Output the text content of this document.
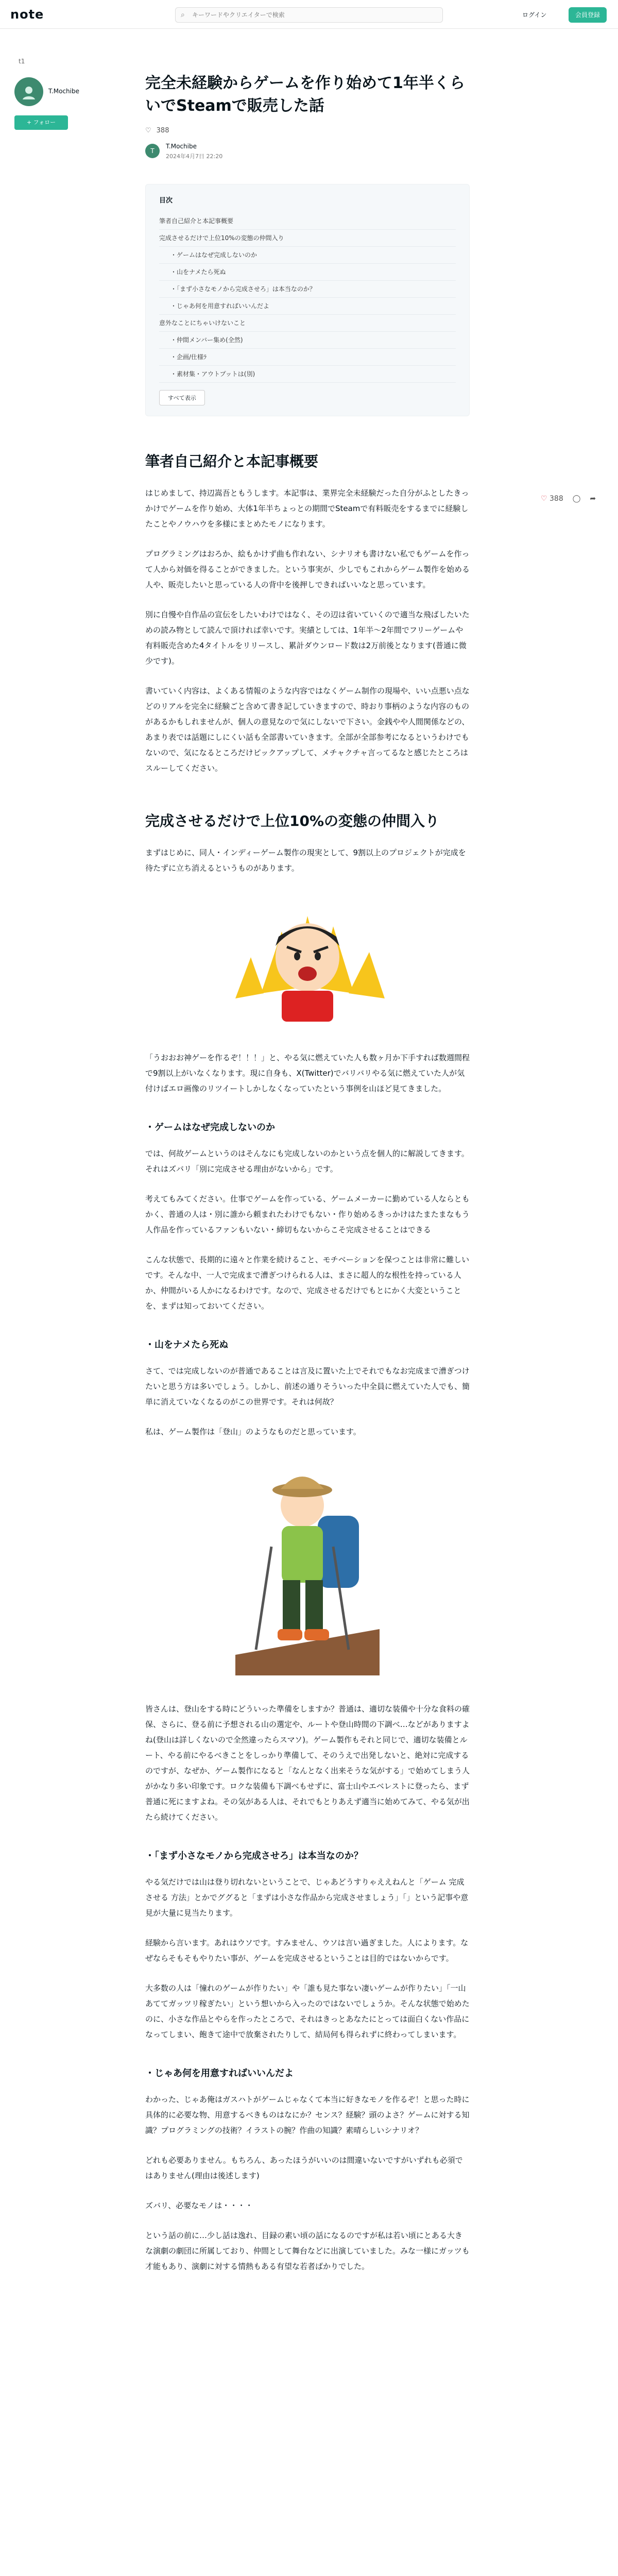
note	⌕
キーワードやクリエイターで検索	ログイン	会員登録
t1
T.Mochibe
+ フォロー
♡ 388 ◯ ➦
完全未経験からゲームを作り始めて1年半くらいでSteamで販売した話
♡ 388
T
T.Mochibe
2024年4月7日 22:20
目次
筆者自己紹介と本記事概要
完成させるだけで上位10%の変態の仲間入り
・ゲームはなぜ完成しないのか
・山をナメたら死ぬ
・「まず小さなモノから完成させろ」は本当なのか？
・じゃあ何を用意すればいいんだよ
意外なことにちゃいけないこと
・仲間メンバー集め(全然)
・企画/仕様ﾗ
・素材集・アウトプットは(別)
すべて表示
筆者自己紹介と本記事概要

はじめまして、持辺嵩吾ともうします。本記事は、業界完全未経験だった自分がふとしたきっかけでゲームを作り始め、大体1年半ちょっとの期間でSteamで有料販売をするまでに経験したことやノウハウを多様にまとめたモノになります。

プログラミングはおろか、絵もかけず曲も作れない、シナリオも書けない私でもゲームを作って人から対価を得ることができました。という事実が、少しでもこれからゲーム製作を始める人や、販売したいと思っている人の背中を後押しできればいいなと思っています。

別に自慢や自作品の宣伝をしたいわけではなく、その辺は省いていくので適当な飛ばしたいための読み物として読んで頂ければ幸いです。実績としては、1年半〜2年間でフリーゲームや有料販売含めた4タイトルをリリースし、累計ダウンロード数は2万前後となります(普通に微少です)。

書いていく内容は、よくある情報のような内容ではなくゲーム制作の現場や、いい点悪い点などのリアルを完全に経験ごと含めて書き記していきますので、時おり事柄のような内容のものがあるかもしれませんが、個人の意見なので気にしないで下さい。金銭やや人間関係などの、あまり表では話題にしにくい話も全部書いていきます。全部が全部参考になるというわけでもないので、気になるところだけピックアップして、メチャクチャ言ってるなと感じたところはスルーしてください。

完成させるだけで上位10%の変態の仲間入り

まずはじめに、同人・インディーゲーム製作の現実として、9割以上のプロジェクトが完成を待たずに立ち消えるというものがあります。

「うおおお神ゲーを作るぞ！！！」と、やる気に燃えていた人も数ヶ月か下手すれば数週間程で9割以上がいなくなります。現に自身も、X(Twitter)でバリバリやる気に燃えていた人が気付けばエロ画像のリツイートしかしなくなっていたという事例を山ほど見てきました。

・ゲームはなぜ完成しないのか

では、何故ゲームというのはそんなにも完成しないのかという点を個人的に解説してきます。それはズバリ「別に完成させる理由がないから」です。

考えてもみてください。仕事でゲームを作っている、ゲームメーカーに勤めている人ならともかく、普通の人は・別に誰から頼まれたわけでもない・作り始めるきっかけはたまたまなもう人作品を作っているファンもいない・締切もないからこそ完成させることはできる

こんな状態で、長期的に遠々と作業を続けること、モチベーションを保つことは非常に難しいです。そんな中、一人で完成まで漕ぎつけられる人は、まさに超人的な根性を持っている人か、仲間がいる人かになるわけです。なので、完成させるだけでもとにかく大変ということを、まずは知っておいてください。

・山をナメたら死ぬ

さて、では完成しないのが普通であることは言及に置いた上でそれでもなお完成まで漕ぎつけたいと思う方は多いでしょう。しかし、前述の通りそういった中全員に燃えていた人でも、簡単に消えていなくなるのがこの世界です。それは何故？

私は、ゲーム製作は「登山」のようなものだと思っています。

皆さんは、登山をする時にどういった準備をしますか？普通は、適切な装備や十分な食料の確保、さらに、登る前に予想される山の選定や、ルートや登山時間の下調べ…などがありますよね(登山は詳しくないので全然違ったらスマソ)。ゲーム製作もそれと同じで、適切な装備とルート、やる前にやるべきことをしっかり準備して、そのうえで出発しないと、絶対に完成するのですが、なぜか、ゲーム製作になると「なんとなく出来そうな気がする」で始めてしまう人がかなり多い印象です。ロクな装備も下調べもせずに、富士山やエベレストに登ったら、まず普通に死にますよね。その気がある人は、それでもとりあえず適当に始めてみて、やる気が出たら続けてください。

・「まず小さなモノから完成させろ」は本当なのか？

やる気だけでは山は登り切れないということで、じゃあどうすりゃええねんと「ゲーム 完成させる 方法」とかでググると「まずは小さな作品から完成させましょう」「」という記事や意見が大量に見当たります。

経験から言います。あれはウソです。すみません、ウソは言い過ぎました。人によります。なぜならそもそもやりたい事が、ゲームを完成させるということは目的ではないからです。

大多数の人は「憧れのゲームが作りたい」や「誰も見た事ない凄いゲームが作りたい」「一山あててガッツリ稼ぎたい」という想いから入ったのではないでしょうか。そんな状態で始めたのに、小さな作品とやらを作ったところで、それはきっとあなたにとっては面白くない作品になってしまい、飽きて途中で放棄されたりして、結局何も得られずに終わってしまいます。

・じゃあ何を用意すればいいんだよ

わかった、じゃあ俺はガスハトがゲームじゃなくて本当に好きなモノを作るぞ！と思った時に具体的に必要な物、用意するべきものはなにか？センス？経験？頭のよさ？ゲームに対する知識？プログラミングの技術？イラストの腕？作曲の知識？素晴らしいシナリオ？

どれも必要ありません。もちろん、あったほうがいいのは間違いないですがいずれも必須ではありません(理由は後述します)

ズバリ、必要なモノは・・・・

という話の前に…少し話は逸れ、目録の素い頃の話になるのですが私は若い頃にとある大きな演劇の劇団に所属しており、仲間として舞台などに出演していました。みな一様にガッツも才能もあり、演劇に対する情熱もある有望な若者ばかりでした。
